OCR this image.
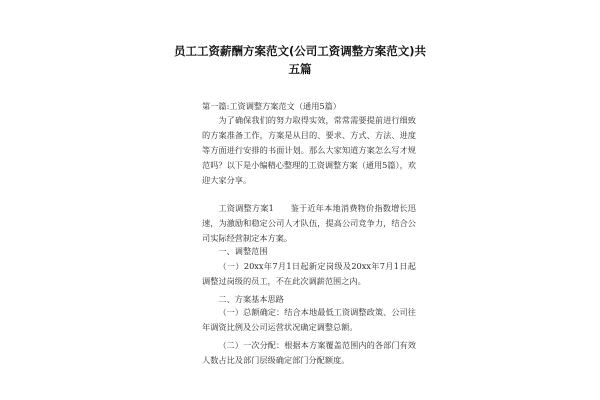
员工工资薪酬方案范文(公司工资调整方案范文)共五篇

第一篇:工资调整方案范文（通用5篇）

为了确保我们的努力取得实效，常常需要提前进行细致的方案准备工作，方案是从目的、要求、方式、方法、进度等方面进行安排的书面计划。那么大家知道方案怎么写才规范吗？以下是小编精心整理的工资调整方案（通用5篇），欢迎大家分享。

工资调整方案1　　鉴于近年本地消费物价指数增长迅速，为激励和稳定公司人才队伍，提高公司竞争力，结合公司实际经营制定本方案。

一、调整范围

（一）20xx年7月1日起新定岗级及20xx年7月1日起调整过岗级的员工，不在此次调薪范围之内。

二、方案基本思路

（一）总额确定：结合本地最低工资调整政策、公司往年调资比例及公司运营状况确定调整总额。

（二）一次分配：根据本方案覆盖范围内的各部门有效人数占比及部门层级确定部门分配额度。
